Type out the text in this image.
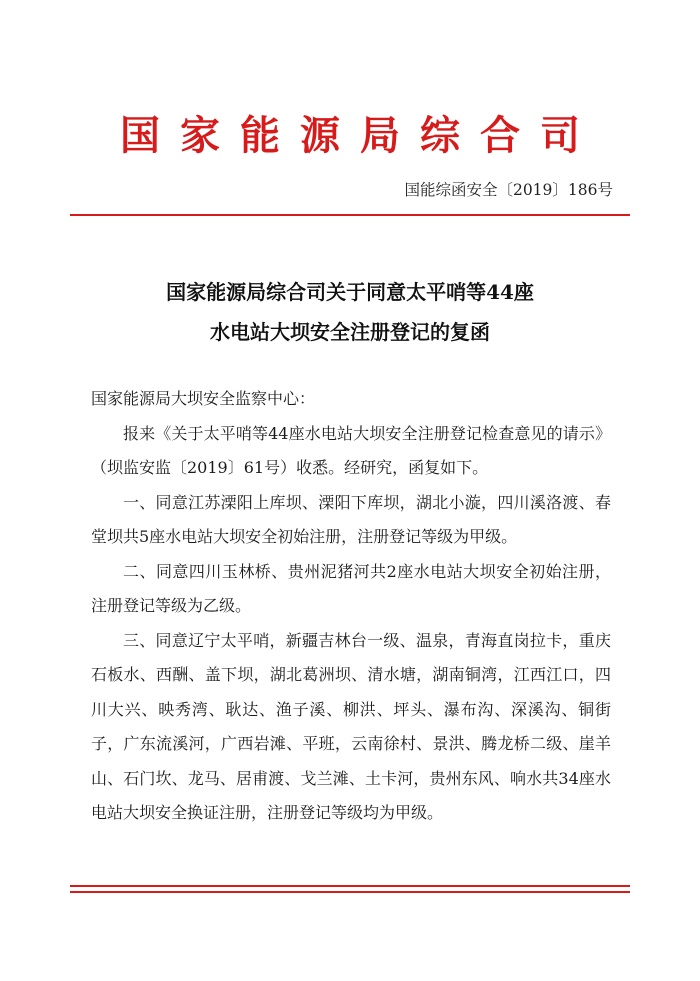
国家能源局综合司
国能综函安全〔2019〕186号
国家能源局综合司关于同意太平哨等44座
水电站大坝安全注册登记的复函
国家能源局大坝安全监察中心：
报来《关于太平哨等44座水电站大坝安全注册登记检查意见的请示》（坝监安监〔2019〕61号）收悉。经研究，函复如下。
一、同意江苏溧阳上库坝、溧阳下库坝，湖北小漩，四川溪洛渡、春堂坝共5座水电站大坝安全初始注册，注册登记等级为甲级。
二、同意四川玉林桥、贵州泥猪河共2座水电站大坝安全初始注册，注册登记等级为乙级。
三、同意辽宁太平哨，新疆吉林台一级、温泉，青海直岗拉卡，重庆石板水、西酬、盖下坝，湖北葛洲坝、清水塘，湖南铜湾，江西江口，四川大兴、映秀湾、耿达、渔子溪、柳洪、坪头、瀑布沟、深溪沟、铜街子，广东流溪河，广西岩滩、平班，云南徐村、景洪、腾龙桥二级、崖羊山、石门坎、龙马、居甫渡、戈兰滩、土卡河，贵州东风、响水共34座水电站大坝安全换证注册，注册登记等级均为甲级。
